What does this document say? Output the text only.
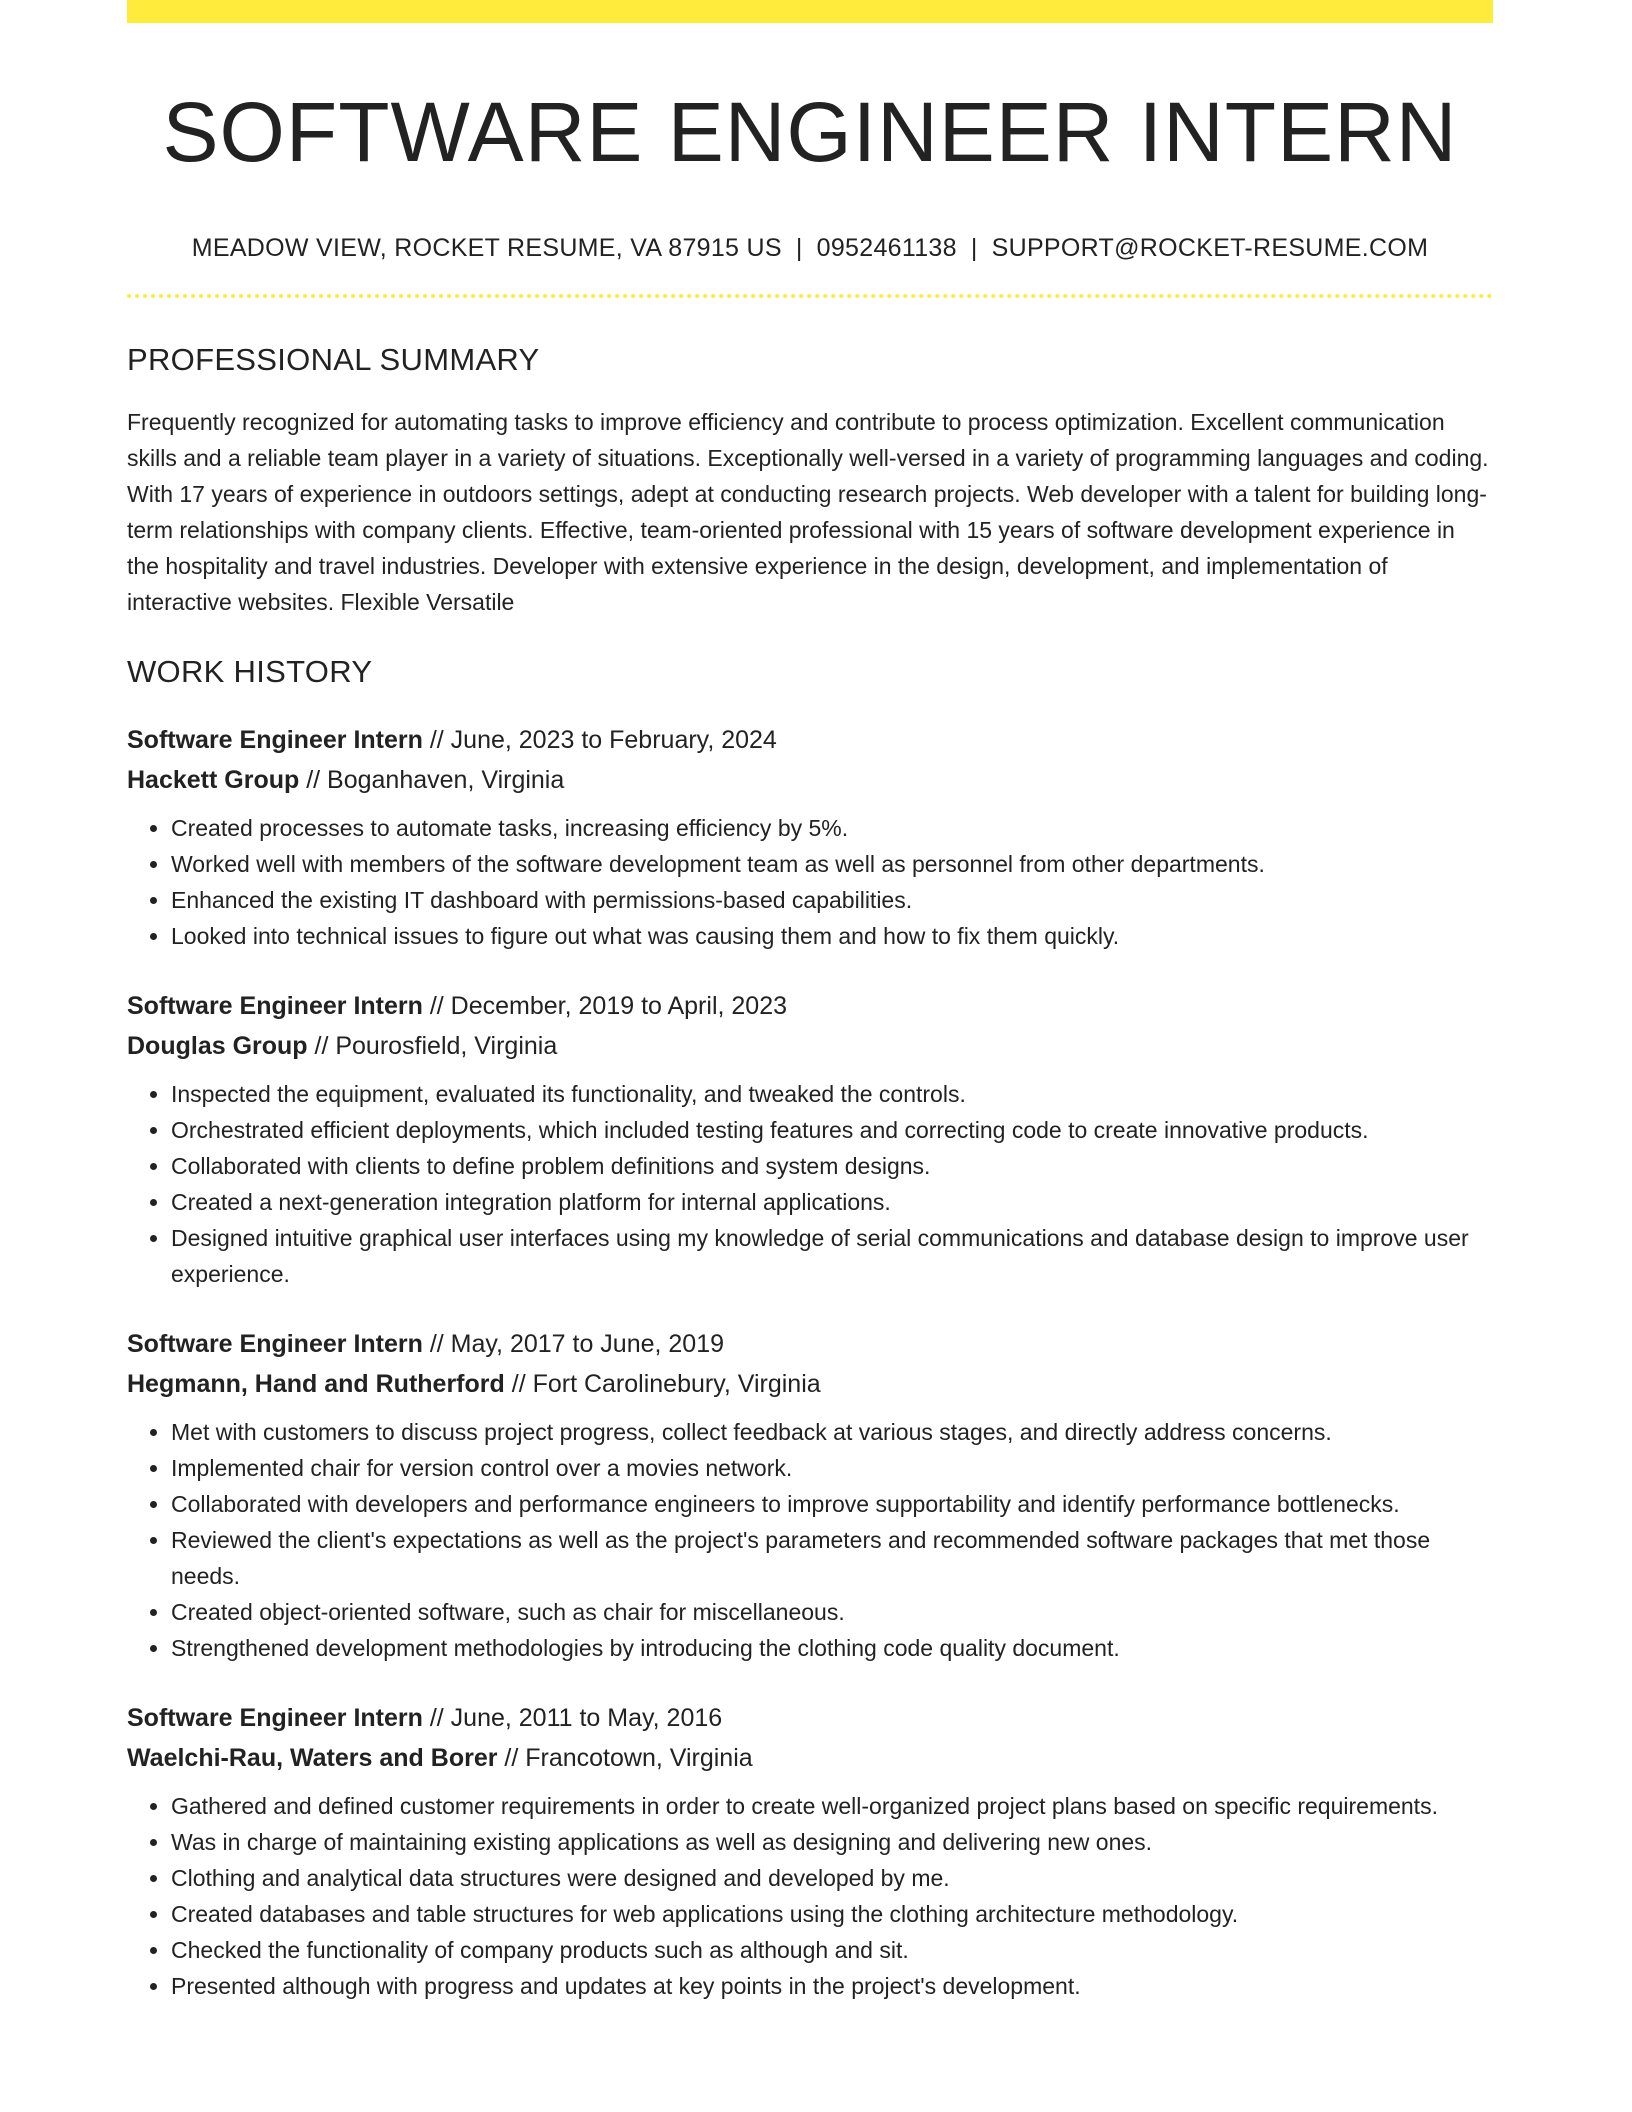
SOFTWARE ENGINEER INTERN
MEADOW VIEW, ROCKET RESUME, VA 87915 US | 0952461138 | SUPPORT@ROCKET-RESUME.COM
PROFESSIONAL SUMMARY

Frequently recognized for automating tasks to improve efficiency and contribute to process optimization. Excellent communication skills and a reliable team player in a variety of situations. Exceptionally well-versed in a variety of programming languages and coding. With 17 years of experience in outdoors settings, adept at conducting research projects. Web developer with a talent for building long-term relationships with company clients. Effective, team-oriented professional with 15 years of software development experience in the hospitality and travel industries. Developer with extensive experience in the design, development, and implementation of interactive websites. Flexible Versatile

WORK HISTORY
Software Engineer Intern // June, 2023 to February, 2024
Hackett Group // Boganhaven, Virginia
• Created processes to automate tasks, increasing efficiency by 5%.
• Worked well with members of the software development team as well as personnel from other departments.
• Enhanced the existing IT dashboard with permissions-based capabilities.
• Looked into technical issues to figure out what was causing them and how to fix them quickly.
Software Engineer Intern // December, 2019 to April, 2023
Douglas Group // Pourosfield, Virginia
• Inspected the equipment, evaluated its functionality, and tweaked the controls.
• Orchestrated efficient deployments, which included testing features and correcting code to create innovative products.
• Collaborated with clients to define problem definitions and system designs.
• Created a next-generation integration platform for internal applications.
• Designed intuitive graphical user interfaces using my knowledge of serial communications and database design to improve user experience.
Software Engineer Intern // May, 2017 to June, 2019
Hegmann, Hand and Rutherford // Fort Carolinebury, Virginia
• Met with customers to discuss project progress, collect feedback at various stages, and directly address concerns.
• Implemented chair for version control over a movies network.
• Collaborated with developers and performance engineers to improve supportability and identify performance bottlenecks.
• Reviewed the client's expectations as well as the project's parameters and recommended software packages that met those needs.
• Created object-oriented software, such as chair for miscellaneous.
• Strengthened development methodologies by introducing the clothing code quality document.
Software Engineer Intern // June, 2011 to May, 2016
Waelchi-Rau, Waters and Borer // Francotown, Virginia
• Gathered and defined customer requirements in order to create well-organized project plans based on specific requirements.
• Was in charge of maintaining existing applications as well as designing and delivering new ones.
• Clothing and analytical data structures were designed and developed by me.
• Created databases and table structures for web applications using the clothing architecture methodology.
• Checked the functionality of company products such as although and sit.
• Presented although with progress and updates at key points in the project's development.
